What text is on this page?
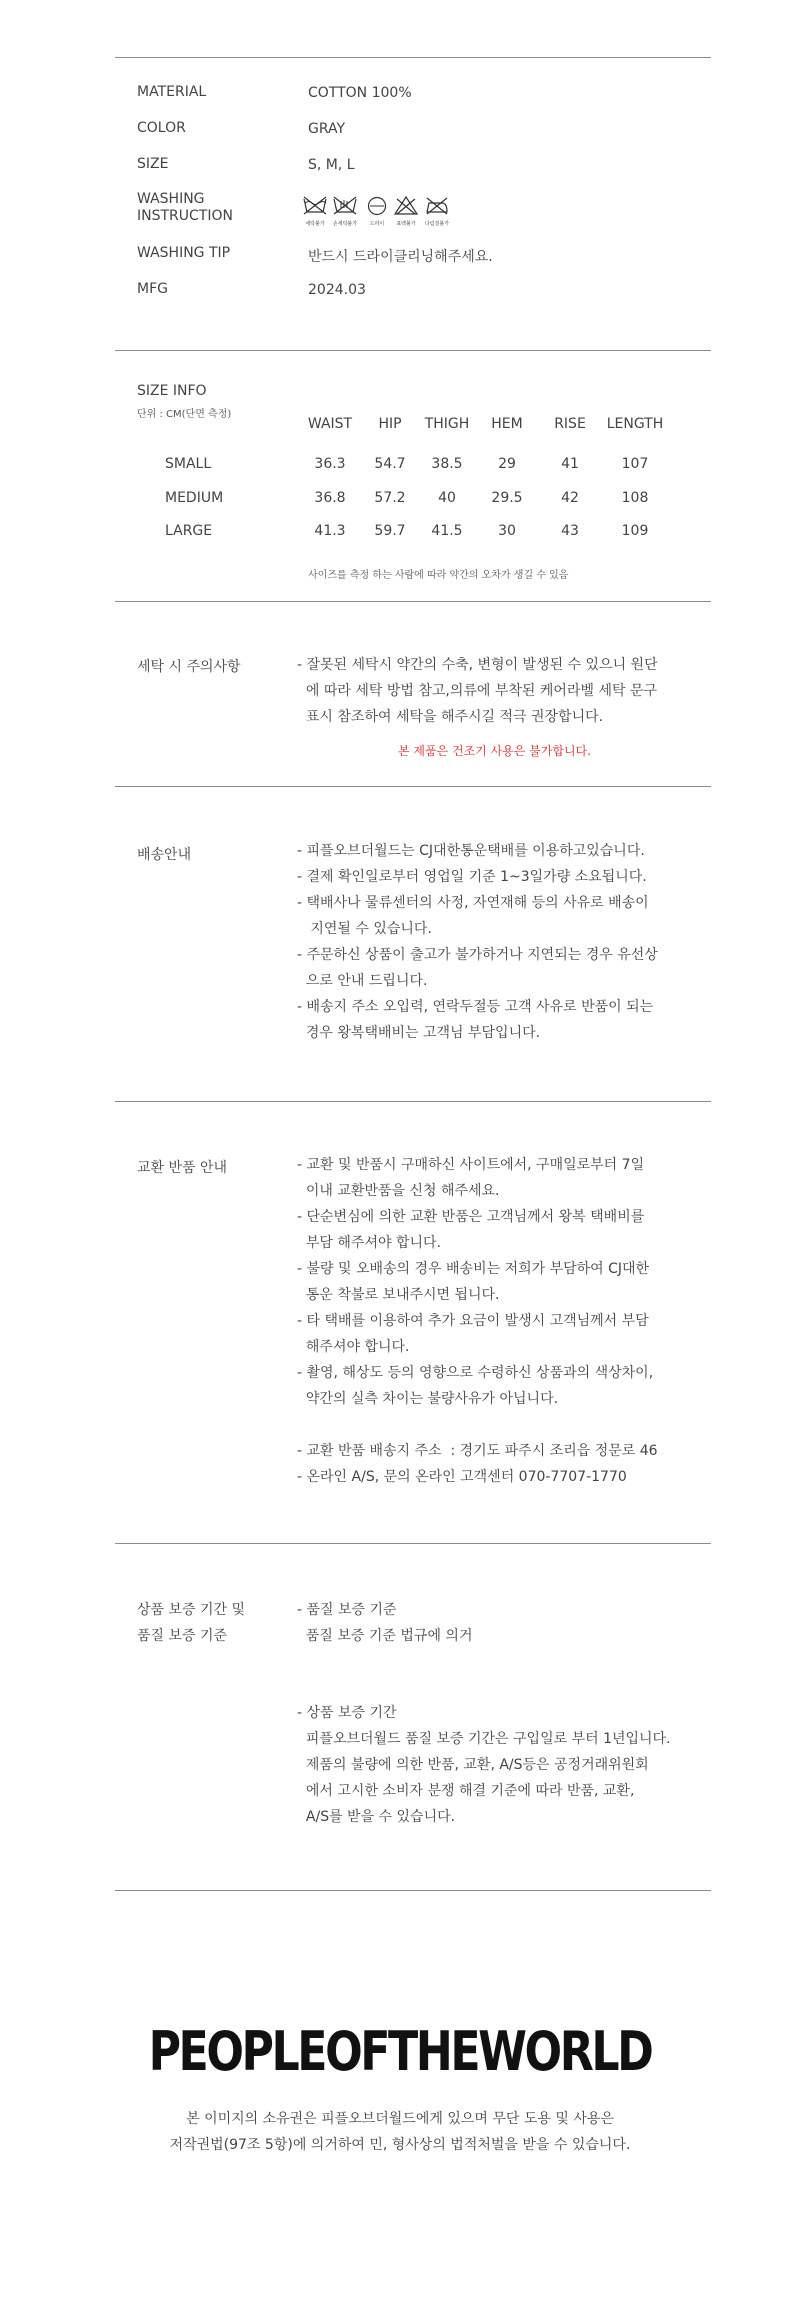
MATERIAL	COTTON 100%
COLOR	GRAY
SIZE	S, M, L
WASHING
INSTRUCTION	세탁불가 손세탁불가	드라이 표백불가 다림질불가
WASHING TIP	반드시 드라이클리닝해주세요.
MFG	2024.03
SIZE INFO
단위 : CM(단면 측정)
WAIST	HIP	THIGH	HEM	RISE	LENGTH
SMALL	36.3	54.7	38.5	29	41	107
MEDIUM	36.8	57.2	40	29.5	42	108
LARGE	41.3	59.7	41.5	30	43	109
사이즈를 측정 하는 사람에 따라 약간의 오차가 생길 수 있음
세탁 시 주의사항	- 잘못된 세탁시 약간의 수축, 변형이 발생된 수 있으니 원단
에 따라 세탁 방법 참고,의류에 부착된 케어라벨 세탁 문구
표시 참조하여 세탁을 해주시길 적극 권장합니다.
본 제품은 건조기 사용은 불가합니다.
배송안내	- 피플오브더월드는 CJ대한통운택배를 이용하고있습니다.
- 결제 확인일로부터 영업일 기준 1~3일가량 소요됩니다.
- 택배사나 물류센터의 사정, 자연재해 등의 사유로 배송이
지연될 수 있습니다.
- 주문하신 상품이 출고가 불가하거나 지연되는 경우 유선상
으로 안내 드립니다.
- 배송지 주소 오입력, 연락두절등 고객 사유로 반품이 되는
경우 왕복택배비는 고객님 부담입니다.
교환 반품 안내	- 교환 및 반품시 구매하신 사이트에서, 구매일로부터 7일
이내 교환반품을 신청 해주세요.
- 단순변심에 의한 교환 반품은 고객님께서 왕복 택배비를
부담 해주셔야 합니다.
- 불량 및 오배송의 경우 배송비는 저희가 부담하여 CJ대한
통운 착불로 보내주시면 됩니다.
- 타 택배를 이용하여 추가 요금이 발생시 고객님께서 부담
해주셔야 합니다.
- 촬영, 해상도 등의 영향으로 수령하신 상품과의 색상차이,
약간의 실측 차이는 불량사유가 아닙니다.
- 교환 반품 배송지 주소  : 경기도 파주시 조리읍 정문로 46
- 온라인 A/S, 문의 온라인 고객센터 070-7707-1770
상품 보증 기간 및
품질 보증 기준
- 품질 보증 기준
품질 보증 기준 법규에 의거
- 상품 보증 기간
피플오브더월드 품질 보증 기간은 구입일로 부터 1년입니다.
제품의 불량에 의한 반품, 교환, A/S등은 공정거래위원회
에서 고시한 소비자 분쟁 해결 기준에 따라 반품, 교환,
A/S를 받을 수 있습니다.
PEOPLEOFTHEWORLD
본 이미지의 소유권은 피플오브더월드에게 있으며 무단 도용 및 사용은
저작권법(97조 5항)에 의거하여 민, 형사상의 법적처벌을 받을 수 있습니다.
